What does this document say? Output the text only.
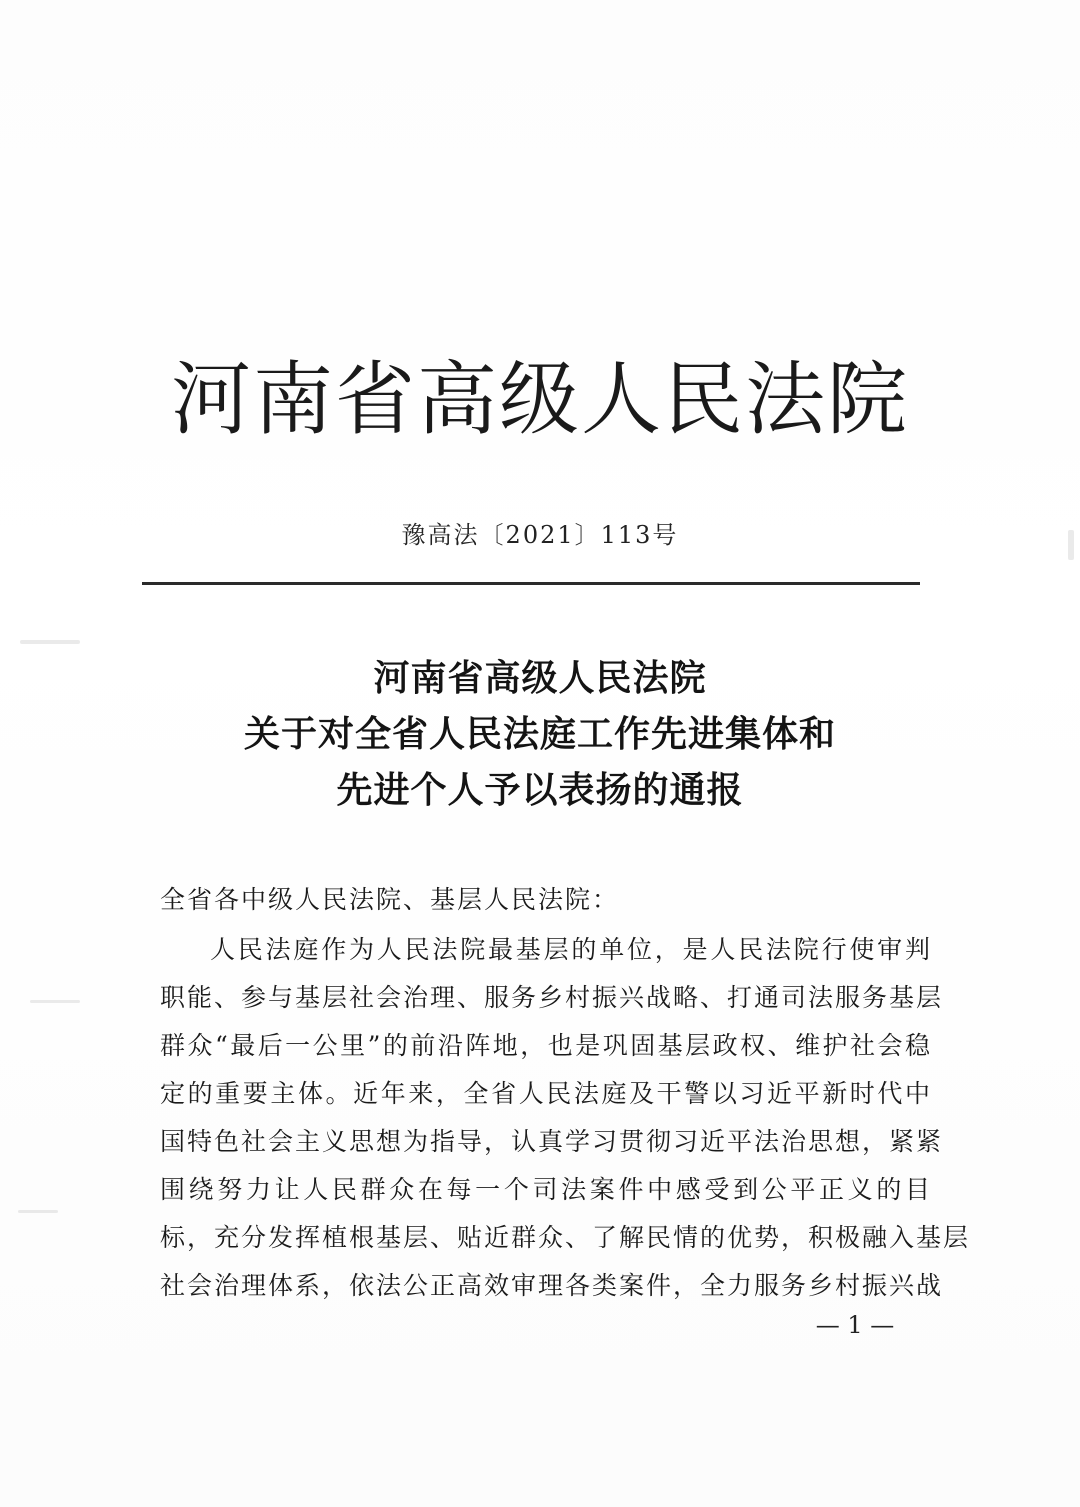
河南省高级人民法院
豫高法〔2021〕113号
河南省高级人民法院
关于对全省人民法庭工作先进集体和
先进个人予以表扬的通报
全省各中级人民法院、基层人民法院：
人民法庭作为人民法院最基层的单位，是人民法院行使审判
职能、参与基层社会治理、服务乡村振兴战略、打通司法服务基层
群众“最后一公里”的前沿阵地，也是巩固基层政权、维护社会稳
定的重要主体。近年来，全省人民法庭及干警以习近平新时代中
国特色社会主义思想为指导，认真学习贯彻习近平法治思想，紧紧
围绕努力让人民群众在每一个司法案件中感受到公平正义的目
标，充分发挥植根基层、贴近群众、了解民情的优势，积极融入基层
社会治理体系，依法公正高效审理各类案件，全力服务乡村振兴战
— 1 —
